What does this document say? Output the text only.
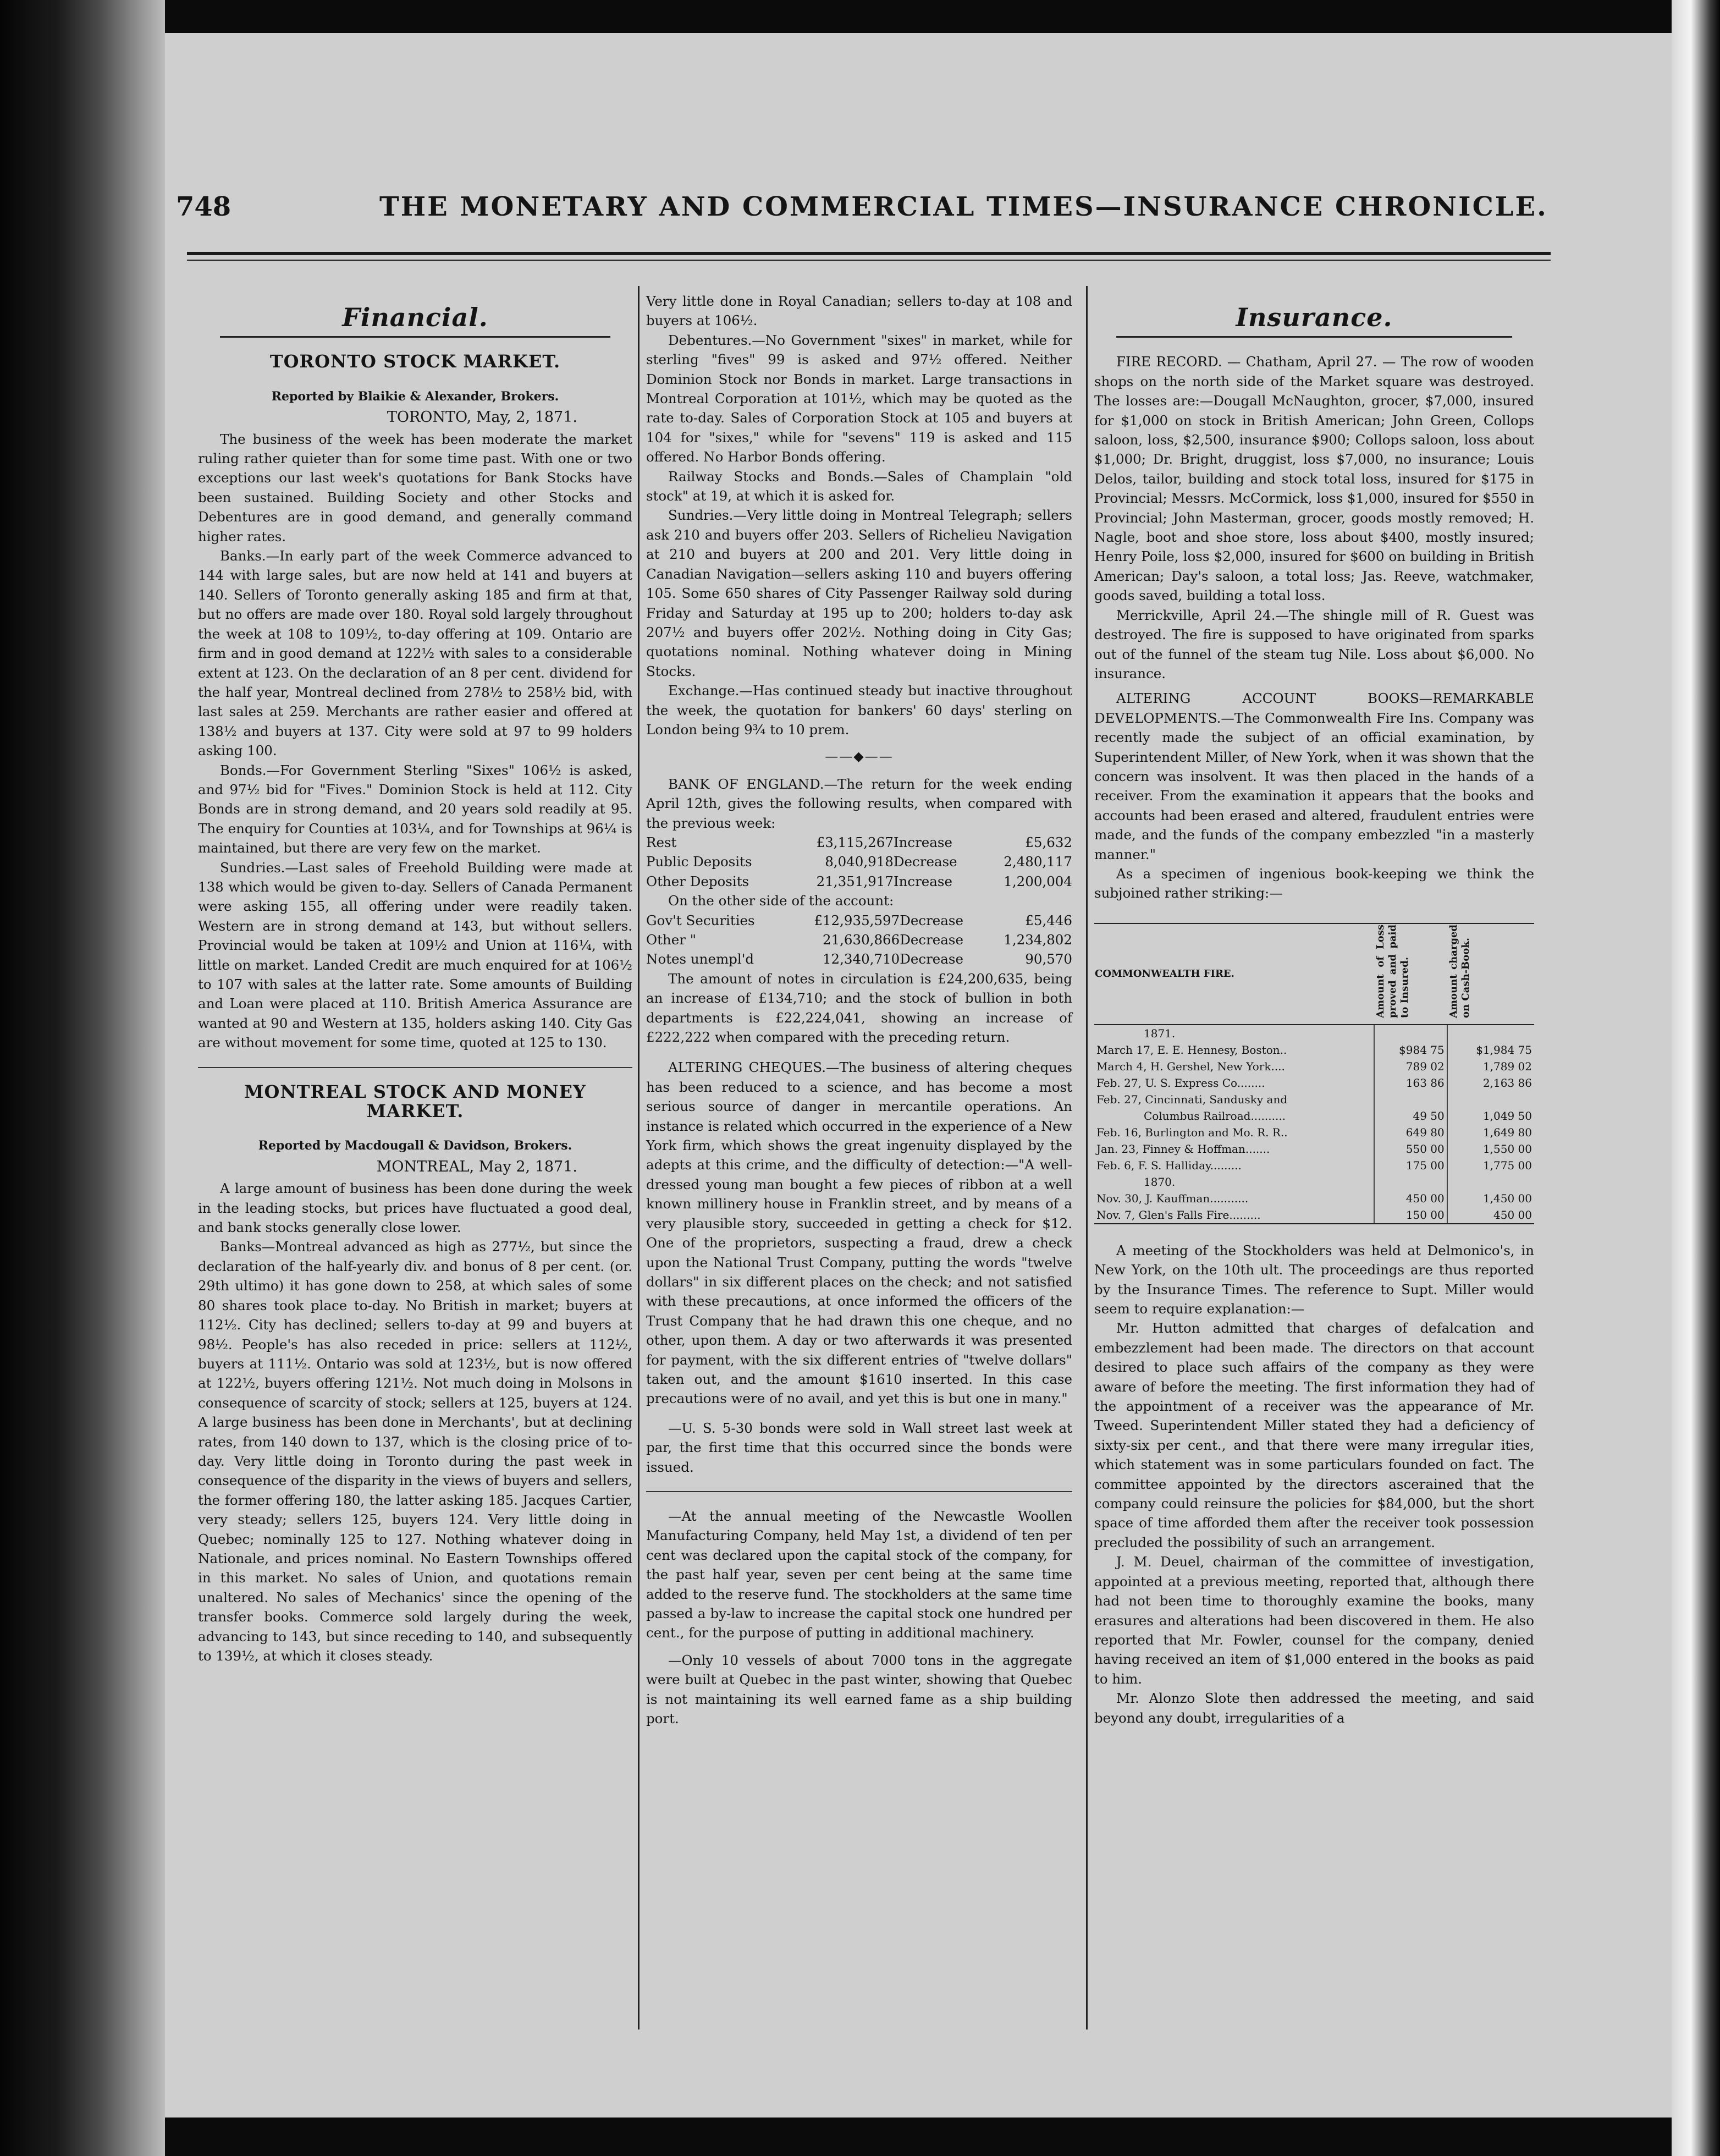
748	THE MONETARY AND COMMERCIAL TIMES—INSURANCE CHRONICLE.
Financial.
TORONTO STOCK MARKET.
Reported by Blaikie & Alexander, Brokers.
TORONTO, May, 2, 1871.

The business of the week has been moderate the market ruling rather quieter than for some time past. With one or two exceptions our last week's quotations for Bank Stocks have been sustained. Building Society and other Stocks and Debentures are in good demand, and generally command higher rates.

Banks.—In early part of the week Commerce advanced to 144 with large sales, but are now held at 141 and buyers at 140. Sellers of Toronto generally asking 185 and firm at that, but no offers are made over 180. Royal sold largely throughout the week at 108 to 109½, to-day offering at 109. Ontario are firm and in good demand at 122½ with sales to a considerable extent at 123. On the declaration of an 8 per cent. dividend for the half year, Montreal declined from 278½ to 258½ bid, with last sales at 259. Merchants are rather easier and offered at 138½ and buyers at 137. City were sold at 97 to 99 holders asking 100.

Bonds.—For Government Sterling "Sixes" 106½ is asked, and 97½ bid for "Fives." Dominion Stock is held at 112. City Bonds are in strong demand, and 20 years sold readily at 95. The enquiry for Counties at 103¼, and for Townships at 96¼ is maintained, but there are very few on the market.

Sundries.—Last sales of Freehold Building were made at 138 which would be given to-day. Sellers of Canada Permanent were asking 155, all offering under were readily taken. Western are in strong demand at 143, but without sellers. Provincial would be taken at 109½ and Union at 116¼, with little on market. Landed Credit are much enquired for at 106½ to 107 with sales at the latter rate. Some amounts of Building and Loan were placed at 110. British America Assurance are wanted at 90 and Western at 135, holders asking 140. City Gas are without movement for some time, quoted at 125 to 130.

MONTREAL STOCK AND MONEY MARKET.
Reported by Macdougall & Davidson, Brokers.
MONTREAL, May 2, 1871.

A large amount of business has been done during the week in the leading stocks, but prices have fluctuated a good deal, and bank stocks generally close lower.

Banks—Montreal advanced as high as 277½, but since the declaration of the half-yearly div. and bonus of 8 per cent. (or. 29th ultimo) it has gone down to 258, at which sales of some 80 shares took place to-day. No British in market; buyers at 112½. City has declined; sellers to-day at 99 and buyers at 98½. People's has also receded in price: sellers at 112½, buyers at 111½. Ontario was sold at 123½, but is now offered at 122½, buyers offering 121½. Not much doing in Molsons in consequence of scarcity of stock; sellers at 125, buyers at 124. A large business has been done in Merchants', but at declining rates, from 140 down to 137, which is the closing price of to-day. Very little doing in Toronto during the past week in consequence of the disparity in the views of buyers and sellers, the former offering 180, the latter asking 185. Jacques Cartier, very steady; sellers 125, buyers 124. Very little doing in Quebec; nominally 125 to 127. Nothing whatever doing in Nationale, and prices nominal. No Eastern Townships offered in this market. No sales of Union, and quotations remain unaltered. No sales of Mechanics' since the opening of the transfer books. Commerce sold largely during the week, advancing to 143, but since receding to 140, and subsequently to 139½, at which it closes steady.

Very little done in Royal Canadian; sellers to-day at 108 and buyers at 106½.

Debentures.—No Government "sixes" in market, while for sterling "fives" 99 is asked and 97½ offered. Neither Dominion Stock nor Bonds in market. Large transactions in Montreal Corporation at 101½, which may be quoted as the rate to-day. Sales of Corporation Stock at 105 and buyers at 104 for "sixes," while for "sevens" 119 is asked and 115 offered. No Harbor Bonds offering.

Railway Stocks and Bonds.—Sales of Champlain "old stock" at 19, at which it is asked for.

Sundries.—Very little doing in Montreal Telegraph; sellers ask 210 and buyers offer 203. Sellers of Richelieu Navigation at 210 and buyers at 200 and 201. Very little doing in Canadian Navigation—sellers asking 110 and buyers offering 105. Some 650 shares of City Passenger Railway sold during Friday and Saturday at 195 up to 200; holders to-day ask 207½ and buyers offer 202½. Nothing doing in City Gas; quotations nominal. Nothing whatever doing in Mining Stocks.

Exchange.—Has continued steady but inactive throughout the week, the quotation for bankers' 60 days' sterling on London being 9¾ to 10 prem.

——◆——

BANK OF ENGLAND.—The return for the week ending April 12th, gives the following results, when compared with the previous week:

Rest	£3,115,267	Increase	£5,632
Public Deposits	8,040,918	Decrease	2,480,117
Other Deposits	21,351,917	Increase	1,200,004

On the other side of the account:

Gov't Securities	£12,935,597	Decrease	£5,446
Other "	21,630,866	Decrease	1,234,802
Notes unempl'd	12,340,710	Decrease	90,570

The amount of notes in circulation is £24,200,635, being an increase of £134,710; and the stock of bullion in both departments is £22,224,041, showing an increase of £222,222 when compared with the preceding return.

ALTERING CHEQUES.—The business of altering cheques has been reduced to a science, and has become a most serious source of danger in mercantile operations. An instance is related which occurred in the experience of a New York firm, which shows the great ingenuity displayed by the adepts at this crime, and the difficulty of detection:—"A well-dressed young man bought a few pieces of ribbon at a well known millinery house in Franklin street, and by means of a very plausible story, succeeded in getting a check for $12. One of the proprietors, suspecting a fraud, drew a check upon the National Trust Company, putting the words "twelve dollars" in six different places on the check; and not satisfied with these precautions, at once informed the officers of the Trust Company that he had drawn this one cheque, and no other, upon them. A day or two afterwards it was presented for payment, with the six different entries of "twelve dollars" taken out, and the amount $1610 inserted. In this case precautions were of no avail, and yet this is but one in many."

—U. S. 5-30 bonds were sold in Wall street last week at par, the first time that this occurred since the bonds were issued.

—At the annual meeting of the Newcastle Woollen Manufacturing Company, held May 1st, a dividend of ten per cent was declared upon the capital stock of the company, for the past half year, seven per cent being at the same time added to the reserve fund. The stockholders at the same time passed a by-law to increase the capital stock one hundred per cent., for the purpose of putting in additional machinery.

—Only 10 vessels of about 7000 tons in the aggregate were built at Quebec in the past winter, showing that Quebec is not maintaining its well earned fame as a ship building port.

Insurance.

FIRE RECORD. — Chatham, April 27. — The row of wooden shops on the north side of the Market square was destroyed. The losses are:—Dougall McNaughton, grocer, $7,000, insured for $1,000 on stock in British American; John Green, Collops saloon, loss, $2,500, insurance $900; Collops saloon, loss about $1,000; Dr. Bright, druggist, loss $7,000, no insurance; Louis Delos, tailor, building and stock total loss, insured for $175 in Provincial; Messrs. McCormick, loss $1,000, insured for $550 in Provincial; John Masterman, grocer, goods mostly removed; H. Nagle, boot and shoe store, loss about $400, mostly insured; Henry Poile, loss $2,000, insured for $600 on building in British American; Day's saloon, a total loss; Jas. Reeve, watchmaker, goods saved, building a total loss.

Merrickville, April 24.—The shingle mill of R. Guest was destroyed. The fire is supposed to have originated from sparks out of the funnel of the steam tug Nile. Loss about $6,000. No insurance.

ALTERING ACCOUNT BOOKS—REMARKABLE DEVELOPMENTS.—The Commonwealth Fire Ins. Company was recently made the subject of an official examination, by Superintendent Miller, of New York, when it was shown that the concern was insolvent. It was then placed in the hands of a receiver. From the examination it appears that the books and accounts had been erased and altered, fraudulent entries were made, and the funds of the company embezzled "in a masterly manner."

As a specimen of ingenious book-keeping we think the subjoined rather striking:—

COMMONWEALTH FIRE.	Amount of Loss proved and paid to Insured.	Amount charged on Cash-Book.
1871.		
March 17, E. E. Hennesy, Boston..	$984 75	$1,984 75
March 4, H. Gershel, New York....	789 02	1,789 02
Feb. 27, U. S. Express Co........	163 86	2,163 86
Feb. 27, Cincinnati, Sandusky and		
Columbus Railroad..........	49 50	1,049 50
Feb. 16, Burlington and Mo. R. R..	649 80	1,649 80
Jan. 23, Finney & Hoffman.......	550 00	1,550 00
Feb. 6, F. S. Halliday.........	175 00	1,775 00
1870.		
Nov. 30, J. Kauffman...........	450 00	1,450 00
Nov. 7, Glen's Falls Fire.........	150 00	450 00

A meeting of the Stockholders was held at Delmonico's, in New York, on the 10th ult. The proceedings are thus reported by the Insurance Times. The reference to Supt. Miller would seem to require explanation:—

Mr. Hutton admitted that charges of defalcation and embezzlement had been made. The directors on that account desired to place such affairs of the company as they were aware of before the meeting. The first information they had of the appointment of a receiver was the appearance of Mr. Tweed. Superintendent Miller stated they had a deficiency of sixty-six per cent., and that there were many irregular ities, which statement was in some particulars founded on fact. The committee appointed by the directors ascerained that the company could reinsure the policies for $84,000, but the short space of time afforded them after the receiver took possession precluded the possibility of such an arrangement.

J. M. Deuel, chairman of the committee of investigation, appointed at a previous meeting, reported that, although there had not been time to thoroughly examine the books, many erasures and alterations had been discovered in them. He also reported that Mr. Fowler, counsel for the company, denied having received an item of $1,000 entered in the books as paid to him.

Mr. Alonzo Slote then addressed the meeting, and said beyond any doubt, irregularities of a
